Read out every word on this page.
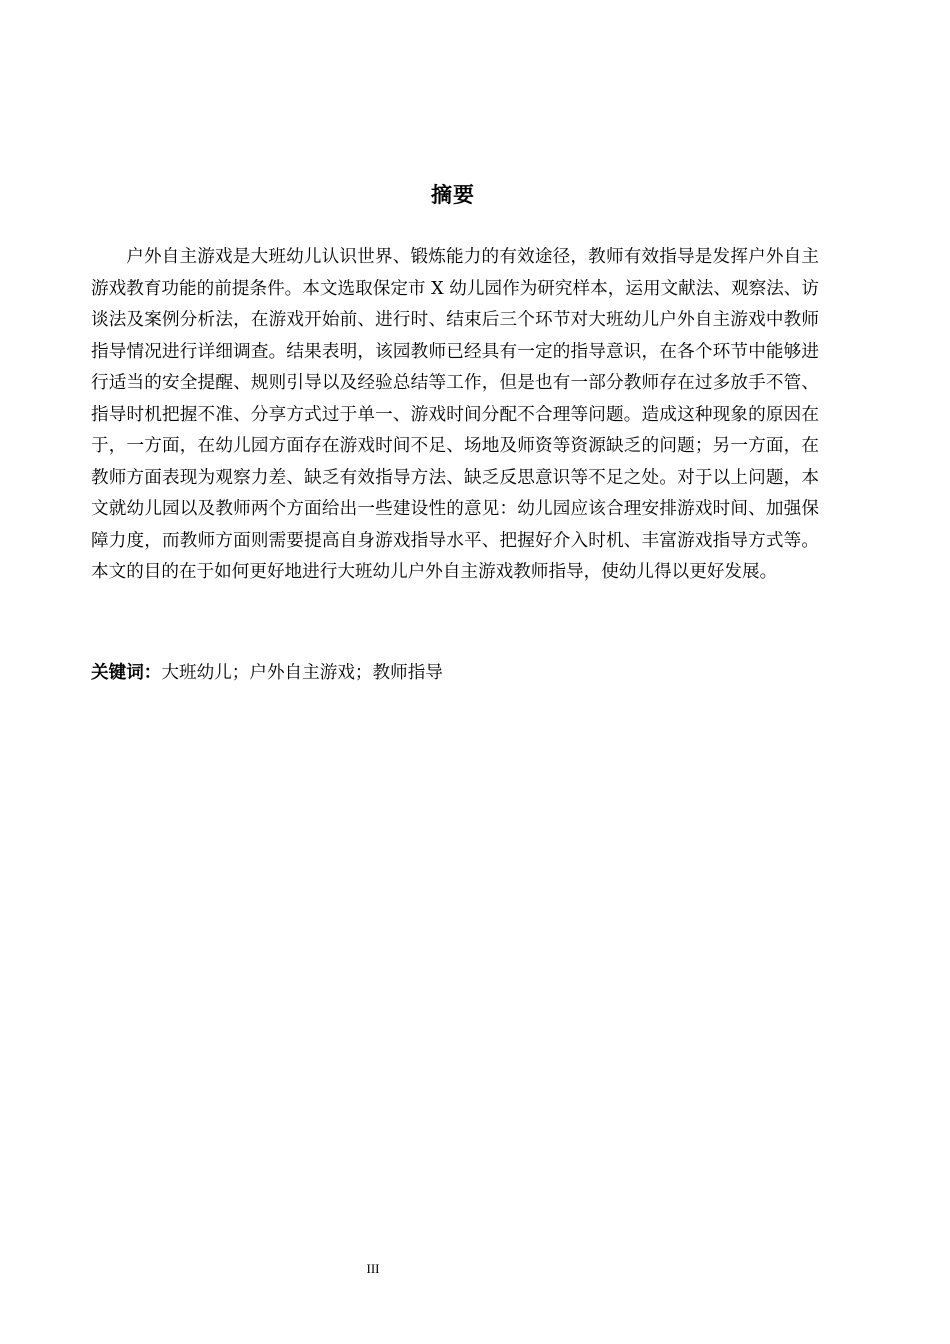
摘要

户外自主游戏是大班幼儿认识世界、锻炼能力的有效途径，教师有效指导是发挥户外自主游戏教育功能的前提条件。本文选取保定市 X 幼儿园作为研究样本，运用文献法、观察法、访谈法及案例分析法，在游戏开始前、进行时、结束后三个环节对大班幼儿户外自主游戏中教师指导情况进行详细调查。结果表明，该园教师已经具有一定的指导意识，在各个环节中能够进行适当的安全提醒、规则引导以及经验总结等工作，但是也有一部分教师存在过多放手不管、指导时机把握不准、分享方式过于单一、游戏时间分配不合理等问题。造成这种现象的原因在于，一方面，在幼儿园方面存在游戏时间不足、场地及师资等资源缺乏的问题；另一方面，在教师方面表现为观察力差、缺乏有效指导方法、缺乏反思意识等不足之处。对于以上问题，本文就幼儿园以及教师两个方面给出一些建设性的意见：幼儿园应该合理安排游戏时间、加强保障力度，而教师方面则需要提高自身游戏指导水平、把握好介入时机、丰富游戏指导方式等。本文的目的在于如何更好地进行大班幼儿户外自主游戏教师指导，使幼儿得以更好发展。

关键词：大班幼儿；户外自主游戏；教师指导
III
